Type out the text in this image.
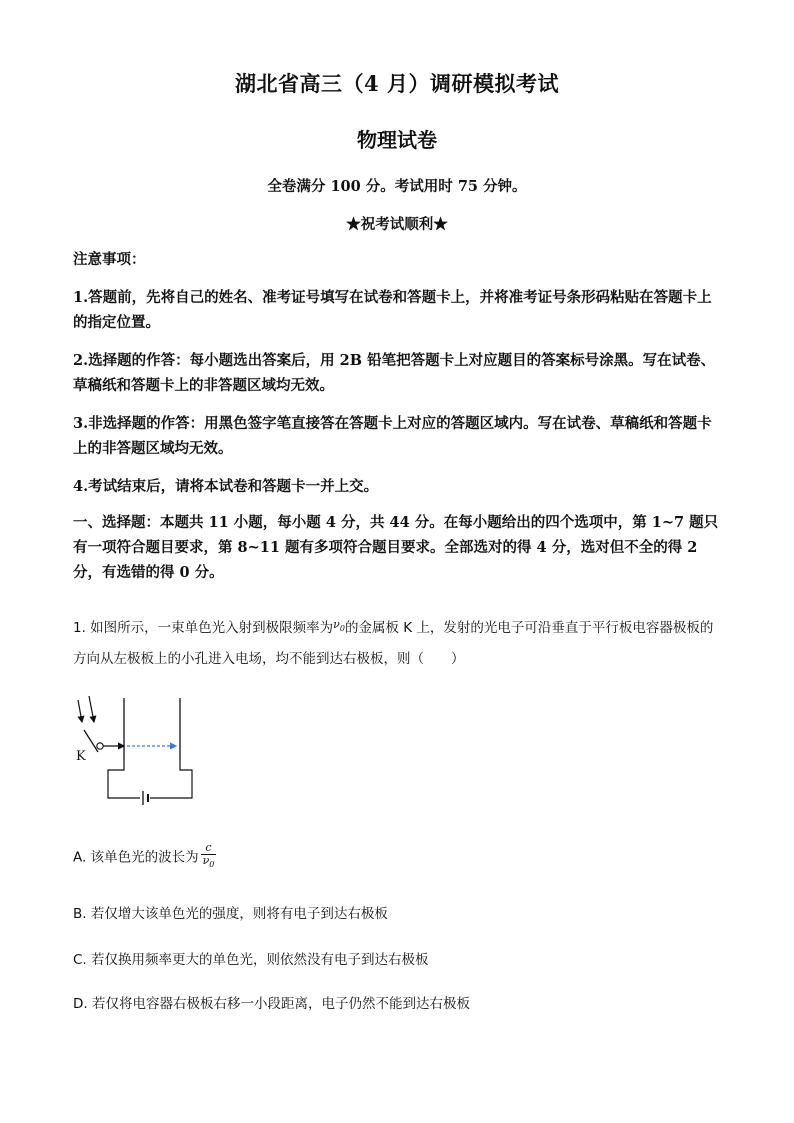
湖北省高三（4 月）调研模拟考试
物理试卷
全卷满分 100 分。考试用时 75 分钟。
★祝考试顺利★
注意事项：
1.答题前，先将自己的姓名、准考证号填写在试卷和答题卡上，并将准考证号条形码粘贴在答题卡上的指定位置。
2.选择题的作答：每小题选出答案后，用 2B 铅笔把答题卡上对应题目的答案标号涂黑。写在试卷、草稿纸和答题卡上的非答题区域均无效。
3.非选择题的作答：用黑色签字笔直接答在答题卡上对应的答题区域内。写在试卷、草稿纸和答题卡上的非答题区域均无效。
4.考试结束后，请将本试卷和答题卡一并上交。
一、选择题：本题共 11 小题，每小题 4 分，共 44 分。在每小题给出的四个选项中，第 1~7 题只有一项符合题目要求，第 8~11 题有多项符合题目要求。全部选对的得 4 分，选对但不全的得 2 分，有选错的得 0 分。
1. 如图所示，一束单色光入射到极限频率为$^{\nu_0}$的金属板 K 上，发射的光电子可沿垂直于平行板电容器极板的方向从左极板上的小孔进入电场，均不能到达右极板，则（　　）
K
A. 该单色光的波长为 $\frac{c}{\nu_0}$
B. 若仅增大该单色光的强度，则将有电子到达右极板
C. 若仅换用频率更大的单色光，则依然没有电子到达右极板
D. 若仅将电容器右极板右移一小段距离，电子仍然不能到达右极板
